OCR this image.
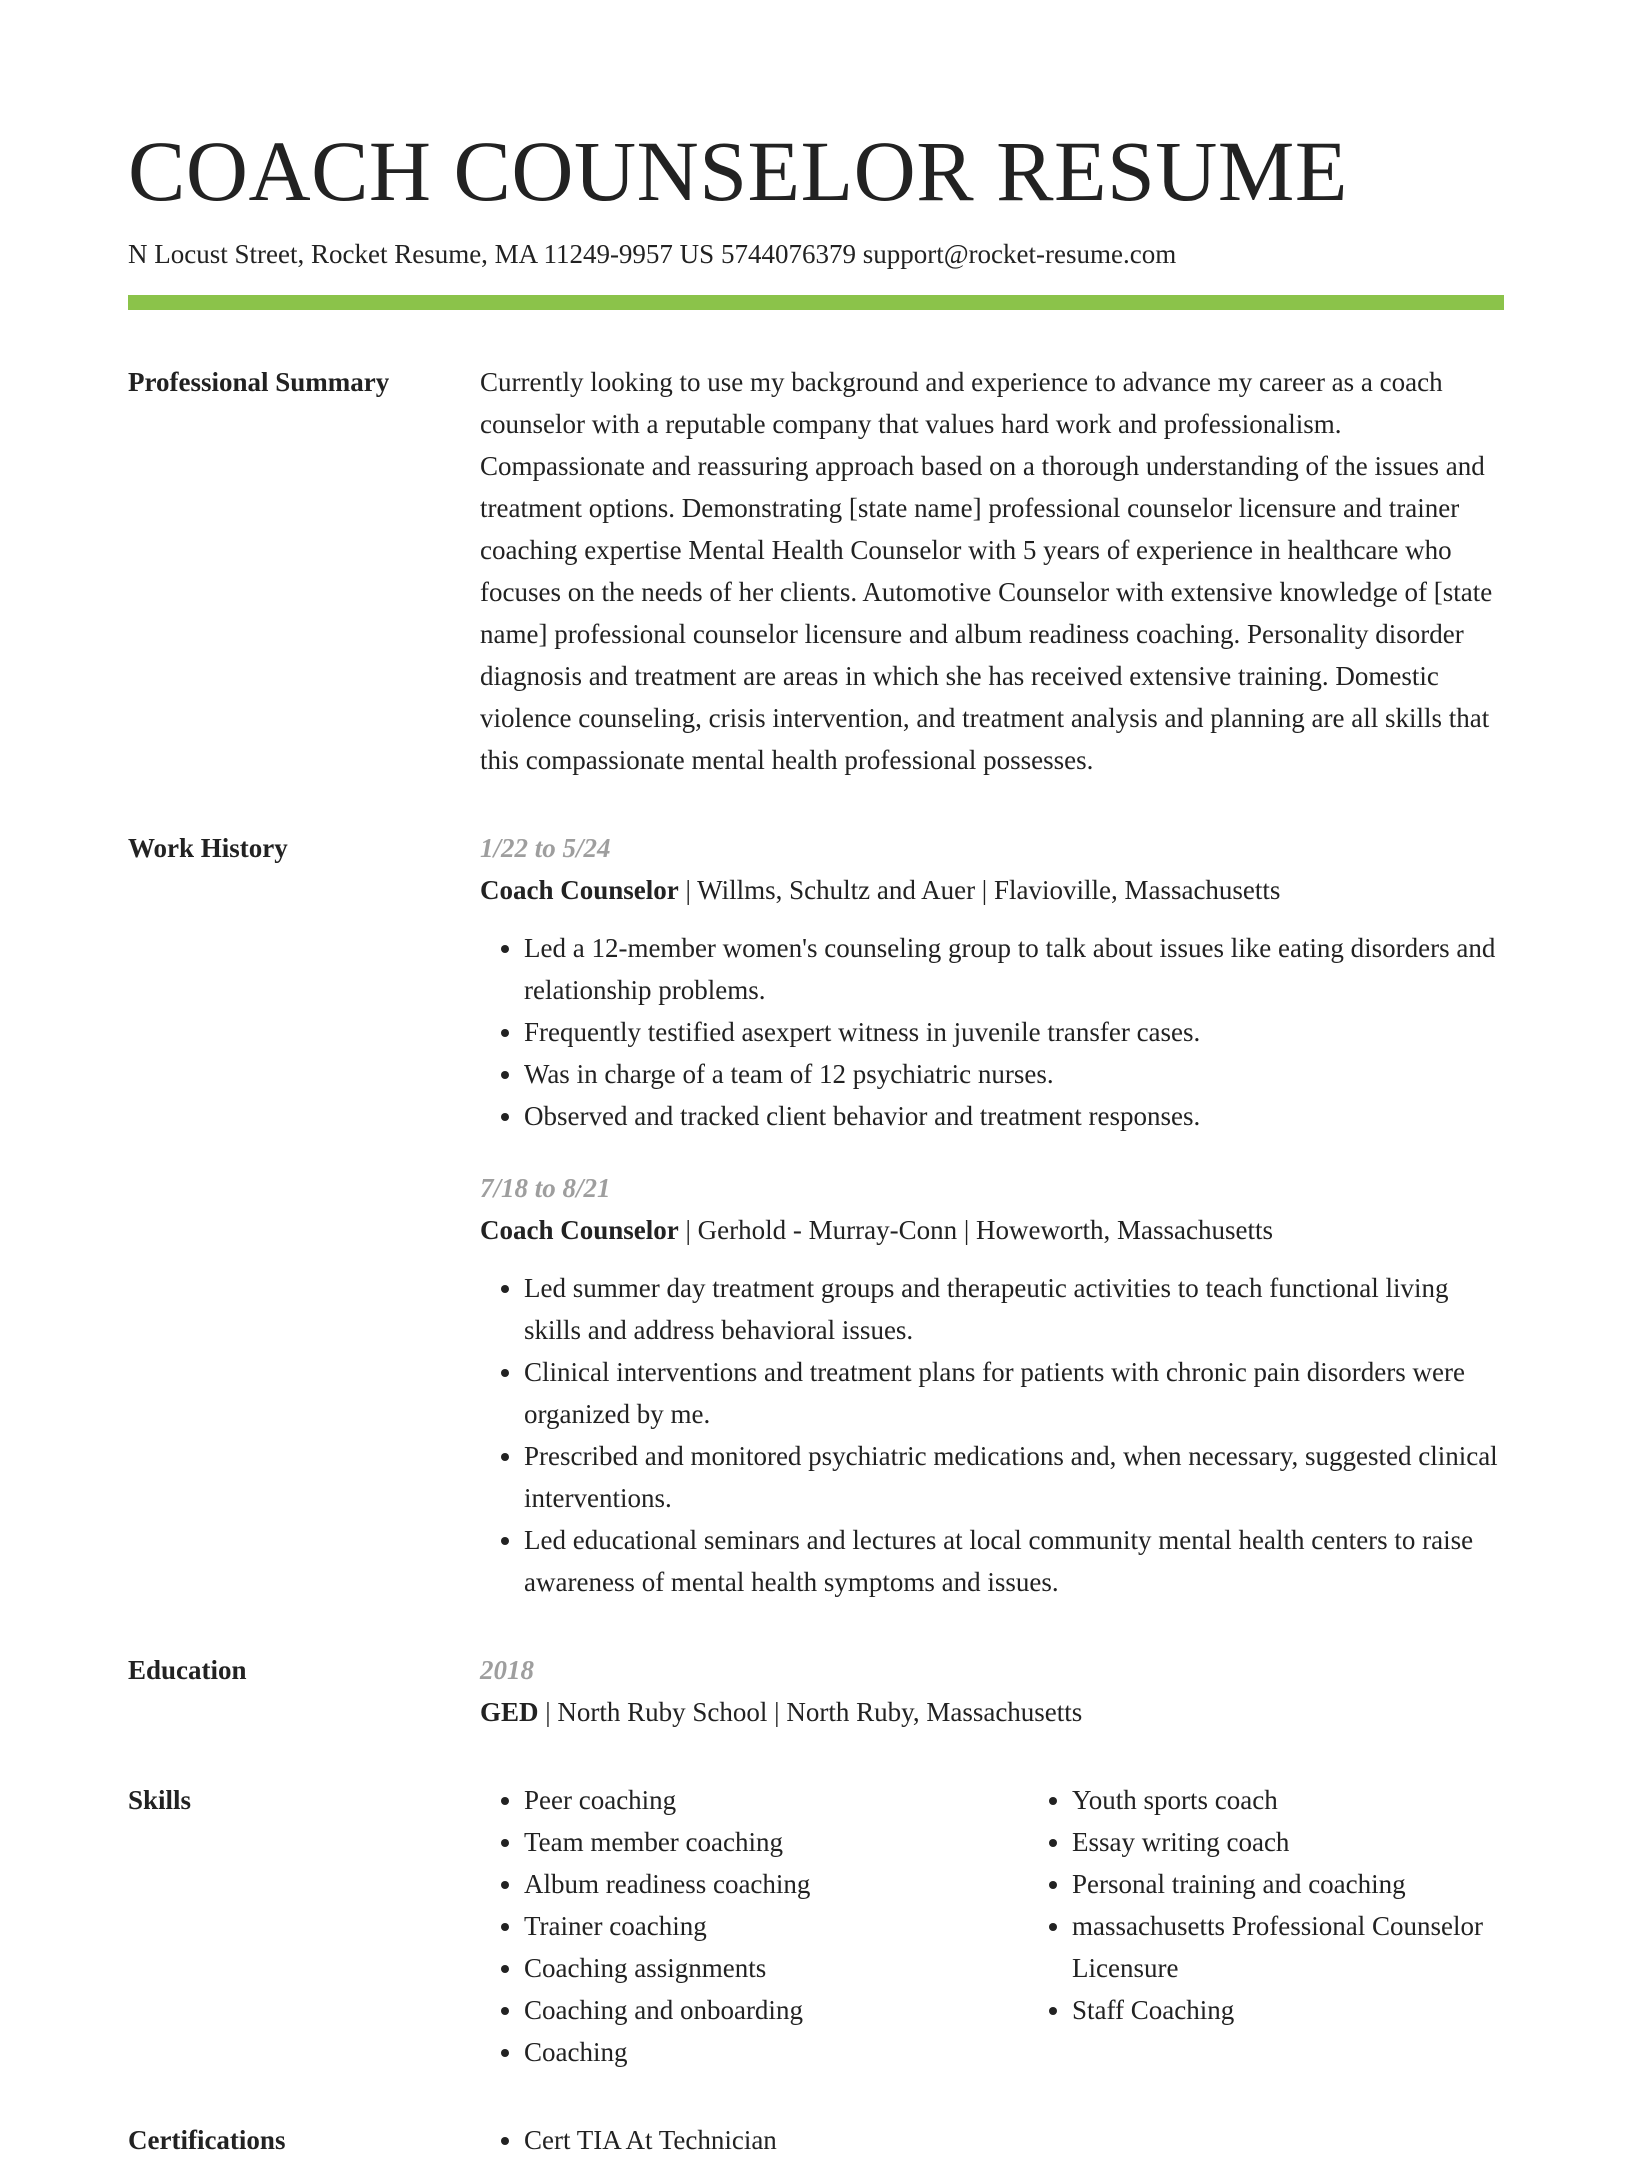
COACH COUNSELOR RESUME
N Locust Street, Rocket Resume, MA 11249-9957 US 5744076379 support@rocket-resume.com
Professional Summary	Currently looking to use my background and experience to advance my career as a coach counselor with a reputable company that values hard work and professionalism. Compassionate and reassuring approach based on a thorough understanding of the issues and treatment options. Demonstrating [state name] professional counselor licensure and trainer coaching expertise Mental Health Counselor with 5 years of experience in healthcare who focuses on the needs of her clients. Automotive Counselor with extensive knowledge of [state name] professional counselor licensure and album readiness coaching. Personality disorder diagnosis and treatment are areas in which she has received extensive training. Domestic violence counseling, crisis intervention, and treatment analysis and planning are all skills that this compassionate mental health professional possesses.

Work History	1/22 to 5/24
Coach Counselor | Willms, Schultz and Auer | Flavioville, Massachusetts
• Led a 12-member women's counseling group to talk about issues like eating disorders and relationship problems.
• Frequently testified asexpert witness in juvenile transfer cases.
• Was in charge of a team of 12 psychiatric nurses.
• Observed and tracked client behavior and treatment responses.
7/18 to 8/21
Coach Counselor | Gerhold - Murray-Conn | Howeworth, Massachusetts
• Led summer day treatment groups and therapeutic activities to teach functional living skills and address behavioral issues.
• Clinical interventions and treatment plans for patients with chronic pain disorders were organized by me.
• Prescribed and monitored psychiatric medications and, when necessary, suggested clinical interventions.
• Led educational seminars and lectures at local community mental health centers to raise awareness of mental health symptoms and issues.
Education	2018

GED | North Ruby School | North Ruby, Massachusetts

Skills	• Peer coaching
• Team member coaching
• Album readiness coaching
• Trainer coaching
• Coaching assignments
• Coaching and onboarding
• Coaching
• Youth sports coach
• Essay writing coach
• Personal training and coaching
• massachusetts Professional Counselor Licensure
• Staff Coaching
Certifications	• Cert TIA At Technician
